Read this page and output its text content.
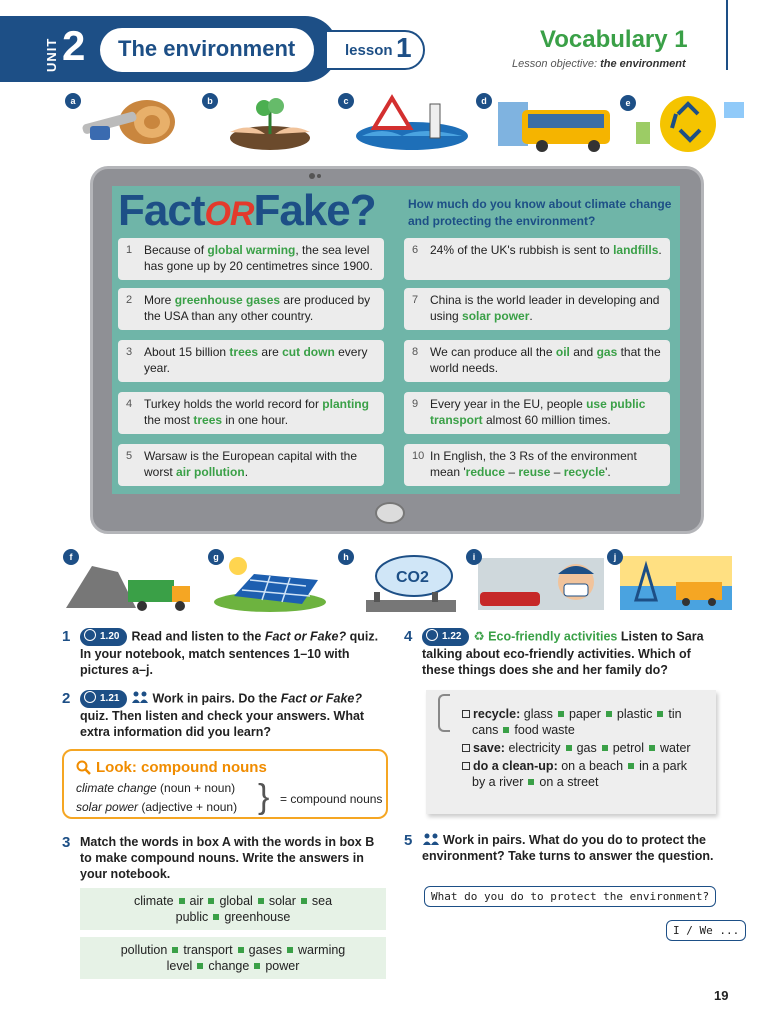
UNIT 2 The environment	lesson 1	Vocabulary 1
Lesson objective: the environment
a	b	c	d	e
FactORFake?	How much do you know about climate change and protecting the environment?
1 Because of global warming, the sea level has gone up by 20 centimetres since 1900.
2 More greenhouse gases are produced by the USA than any other country.
3 About 15 billion trees are cut down every year.
4 Turkey holds the world record for planting the most trees in one hour.
5 Warsaw is the European capital with the worst air pollution.
6 24% of the UK's rubbish is sent to landfills.
7 China is the world leader in developing and using solar power.
8 We can produce all the oil and gas that the world needs.
9 Every year in the EU, people use public transport almost 60 million times.
10 In English, the 3 Rs of the environment mean 'reduce – reuse – recycle'.
CO2
f	g	h	i	j
1	1.20 Read and listen to the Fact or Fake? quiz. In your notebook, match sentences 1–10 with pictures a–j.
2	1.21	Work in pairs. Do the Fact or Fake? quiz. Then listen and check your answers. What extra information did you learn?
Look: compound nouns
climate change (noun + noun)
solar power (adjective + noun) } = compound nouns
3 Match the words in box A with the words in box B to make compound nouns. Write the answers in your notebook.
climate air global solar sea
public greenhouse
pollution transport gases warming
level change power
4	1.22 ♻ Eco-friendly activities Listen to Sara talking about eco-friendly activities. Which of these things does she and her family do?
recycle: glass paper plastic tin
cans food waste
save: electricity gas petrol water
do a clean-up: on a beach in a park
by a river on a street
5	Work in pairs. What do you do to protect the environment? Take turns to answer the question.
What do you do to protect the environment?
I / We ...
19
